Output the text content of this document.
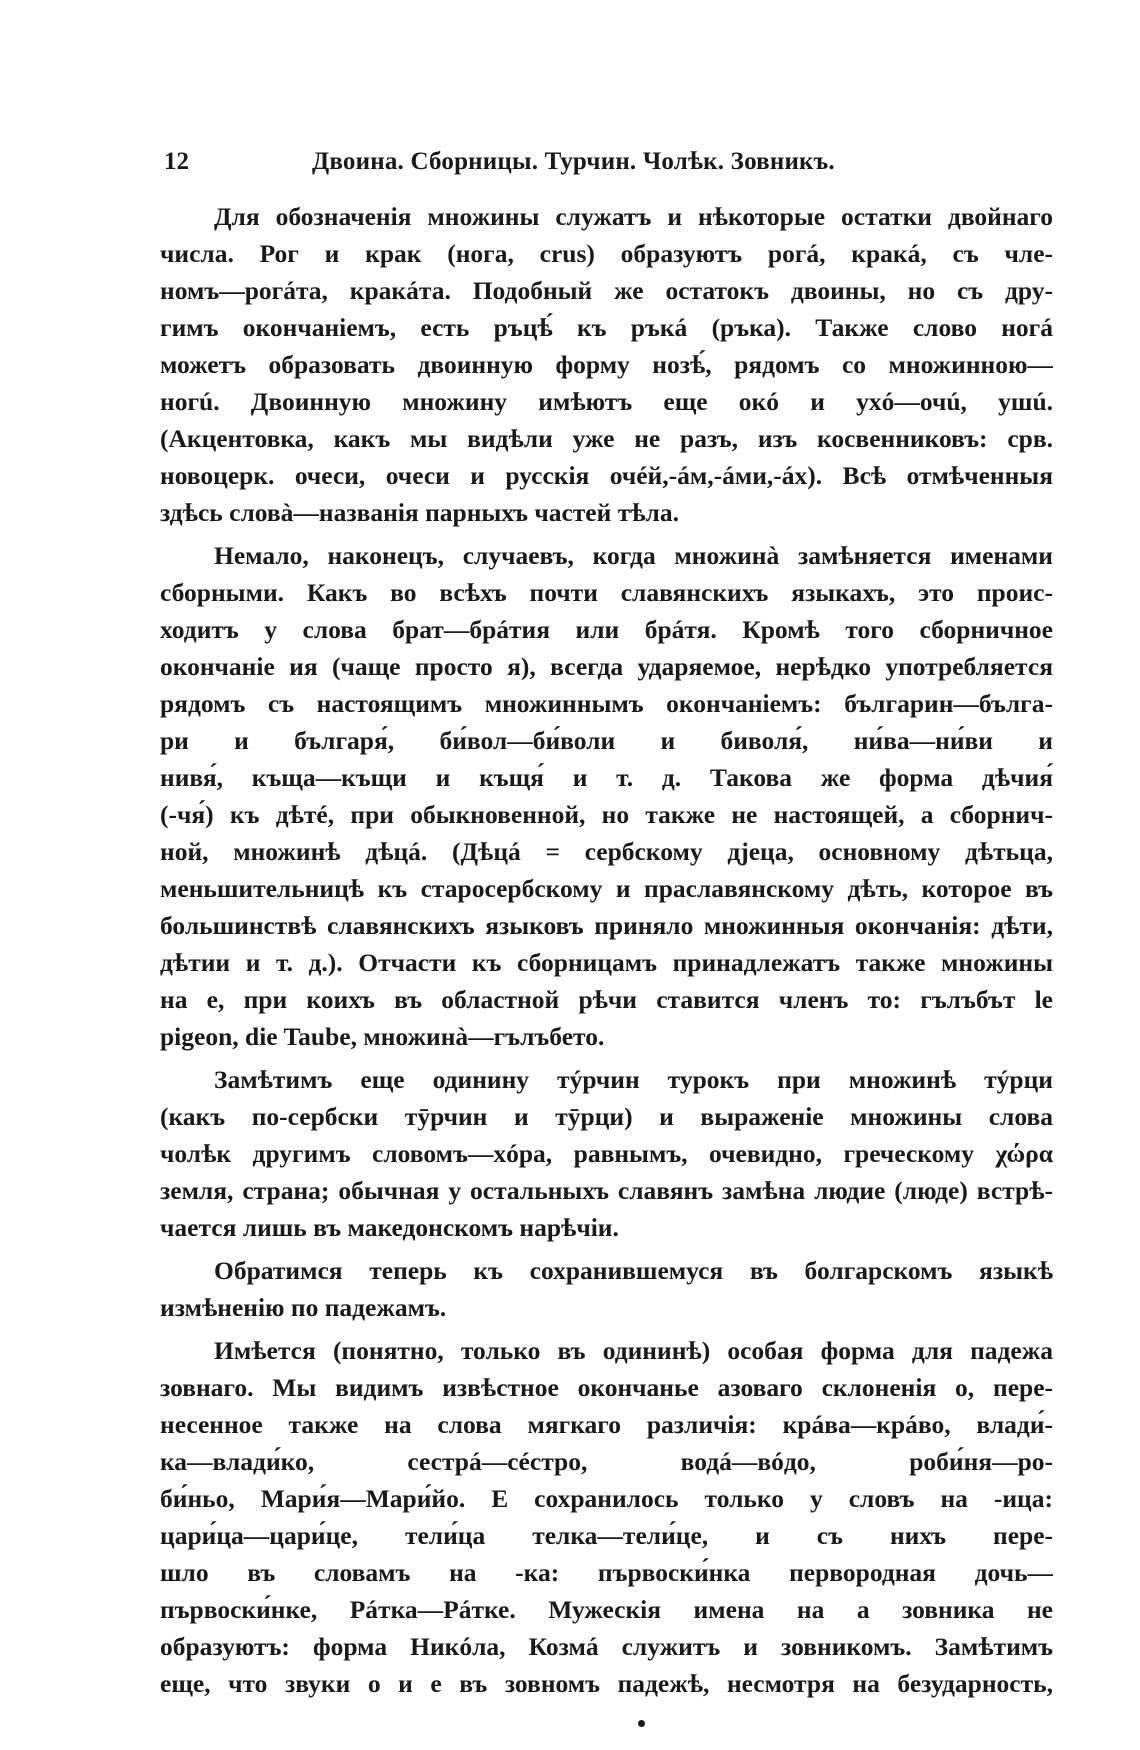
12	Двоина. Сборницы. Турчин. Чолѣк. Зовникъ.
Для обозначенія множины служатъ и нѣкоторые остатки двойнаго
числа. Рог и крак (нога, crus) образуютъ рогá, кракá, съ чле-
номъ—рогáта, кракáта. Подобный же остатокъ двоины, но съ дру-
гимъ окончаніемъ, есть ръцѣ́ къ ръкá (ръка). Также слово ногá
можетъ образовать двоинную форму нозѣ́, рядомъ со множинною—
ногú. Двоинную множину имѣютъ еще окó и ухó—очú, ушú.
(Акцентовка, какъ мы видѣли уже не разъ, изъ косвенниковъ: срв.
новоцерк. очеси, очеси и русскія очéй,-áм,-áми,-áх). Всѣ отмѣченныя
здѣсь словà—названія парныхъ частей тѣла.
Немало, наконецъ, случаевъ, когда множинà замѣняется именами
сборными. Какъ во всѣхъ почти славянскихъ языкахъ, это проис-
ходитъ у слова брат—брáтия или брáтя. Кромѣ того сборничное
окончаніе ия (чаще просто я), всегда ударяемое, нерѣдко употребляется
рядомъ съ настоящимъ множиннымъ окончаніемъ: българин—бълга-
ри и българя́, би́вол—би́воли и биволя́, ни́ва—ни́ви и
нивя́, къща—къщи и къщя́ и т. д. Такова же форма дѣчия́
(-чя́) къ дѣтé, при обыкновенной, но также не настоящей, а сборнич-
ной, множинѣ дѣцá. (Дѣцá = сербскому дјеца, основному дѣтьца,
меньшительницѣ къ старосербскому и праславянскому дѣть, которое въ
большинствѣ славянскихъ языковъ приняло множинныя окончанія: дѣти,
дѣтии и т. д.). Отчасти къ сборницамъ принадлежатъ также множины
на е, при коихъ въ областной рѣчи ставится членъ то: гълъбът le
pigeon, die Taube, множинà—гълъбето.
Замѣтимъ еще одинину тýрчин турокъ при множинѣ тýрци
(какъ по-сербски тȳрчин и тȳрци) и выраженіе множины слова
чолѣк другимъ словомъ—хóра, равнымъ, очевидно, греческому χώρα
земля, страна; обычная у остальныхъ славянъ замѣна людие (люде) встрѣ-
чается лишь въ македонскомъ нарѣчіи.
Обратимся теперь къ сохранившемуся въ болгарскомъ языкѣ
измѣненію по падежамъ.
Имѣется (понятно, только въ одининѣ) особая форма для падежа
зовнаго. Мы видимъ извѣстное окончанье азоваго склоненія о, пере-
несенное также на слова мягкаго различія: крáва—крáво, влади́-
ка—влади́ко, сестрá—сéстро, водá—вóдо, роби́ня—ро-
би́ньо, Мари́я—Мари́йо. Е сохранилось только у словъ на -ица:
цари́ца—цари́це, тели́ца телка—тели́це, и съ нихъ пере-
шло въ словамъ на -ка: първоски́нка первородная дочь—
първоски́нке, Рáтка—Рáтке. Мужескія имена на а зовника не
образуютъ: форма Никóла, Козмá служитъ и зовникомъ. Замѣтимъ
еще, что звуки о и е въ зовномъ падежѣ, несмотря на безударность,
